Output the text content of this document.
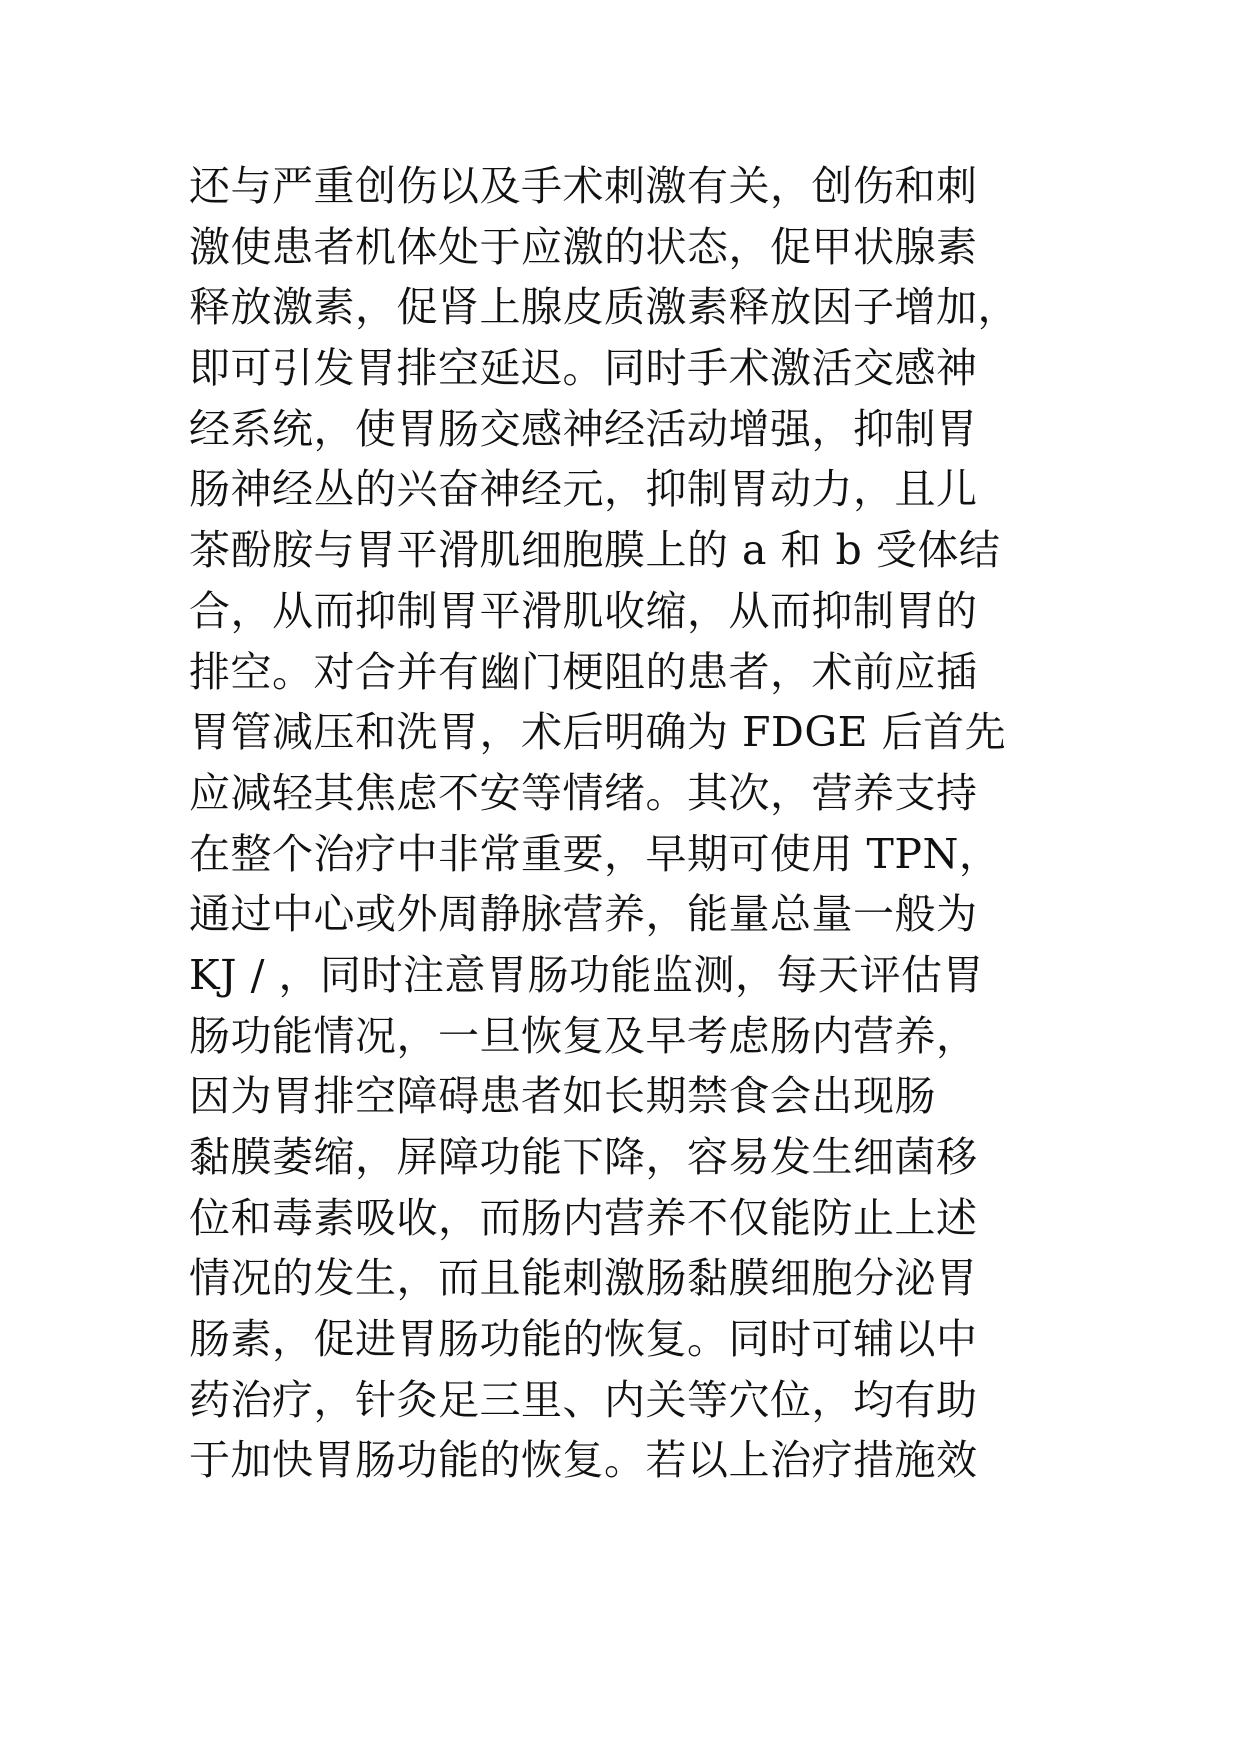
还与严重创伤以及手术刺激有关，创伤和刺
激使患者机体处于应激的状态，促甲状腺素
释放激素，促肾上腺皮质激素释放因子增加，
即可引发胃排空延迟。同时手术激活交感神
经系统，使胃肠交感神经活动增强，抑制胃
肠神经丛的兴奋神经元，抑制胃动力，且儿
茶酚胺与胃平滑肌细胞膜上的 a 和 b 受体结
合，从而抑制胃平滑肌收缩，从而抑制胃的
排空。对合并有幽门梗阻的患者，术前应插
胃管减压和洗胃，术后明确为 FDGE 后首先
应减轻其焦虑不安等情绪。其次，营养支持
在整个治疗中非常重要，早期可使用 TPN，
通过中心或外周静脉营养，能量总量一般为
KJ / ，同时注意胃肠功能监测，每天评估胃
肠功能情况，一旦恢复及早考虑肠内营养，
因为胃排空障碍患者如长期禁食会出现肠
黏膜萎缩，屏障功能下降，容易发生细菌移
位和毒素吸收，而肠内营养不仅能防止上述
情况的发生，而且能刺激肠黏膜细胞分泌胃
肠素，促进胃肠功能的恢复。同时可辅以中
药治疗，针灸足三里、内关等穴位，均有助
于加快胃肠功能的恢复。若以上治疗措施效
